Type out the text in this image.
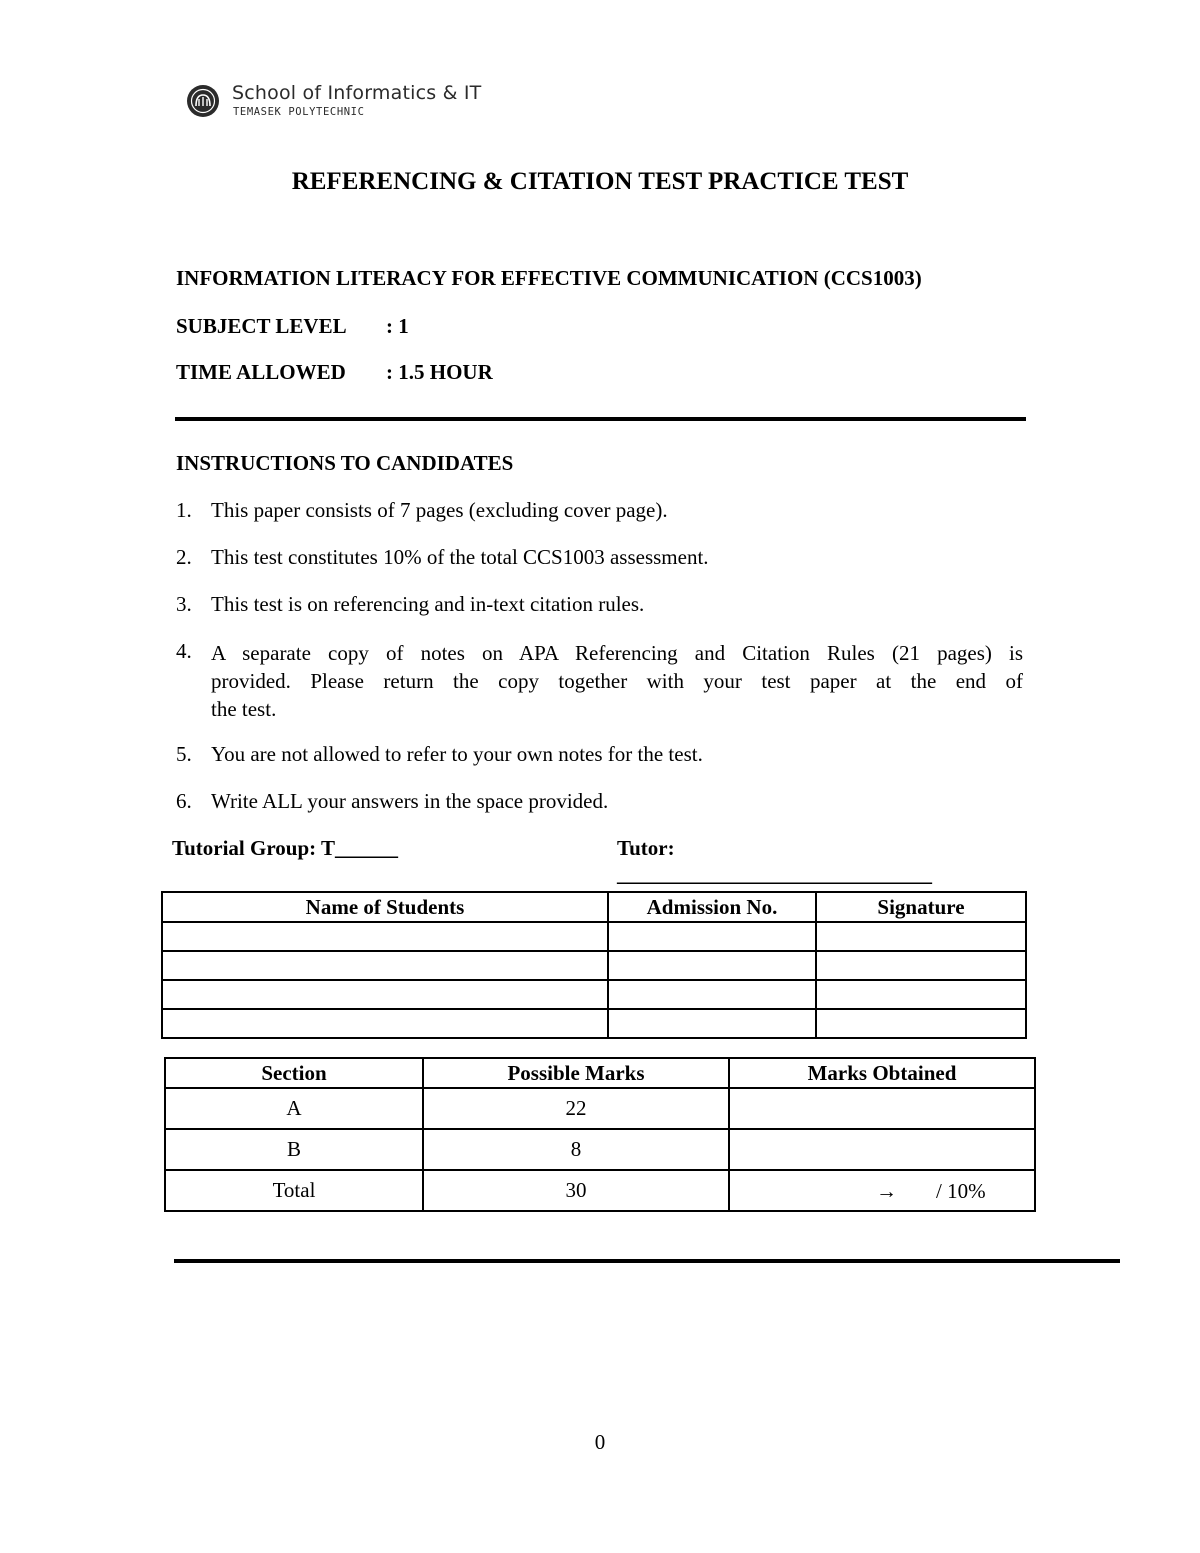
School of Informatics & IT
TEMASEK POLYTECHNIC
REFERENCING & CITATION TEST PRACTICE TEST
INFORMATION LITERACY FOR EFFECTIVE COMMUNICATION (CCS1003)
SUBJECT LEVEL : 1
TIME ALLOWED : 1.5 HOUR
INSTRUCTIONS TO CANDIDATES
1. This paper consists of 7 pages (excluding cover page).
2. This test constitutes 10% of the total CCS1003 assessment.
3. This test is on referencing and in-text citation rules.
4. A separate copy of notes on APA Referencing and Citation Rules (21 pages) is
provided. Please return the copy together with your test paper at the end of
the test.
5. You are not allowed to refer to your own notes for the test.
6. Write ALL your answers in the space provided.
Tutorial Group: T______	Tutor:
______________________________
Name of Students	Admission No.	Signature

Section	Possible Marks	Marks Obtained
A	22	
B	8	
Total	30	→ / 10%
0
